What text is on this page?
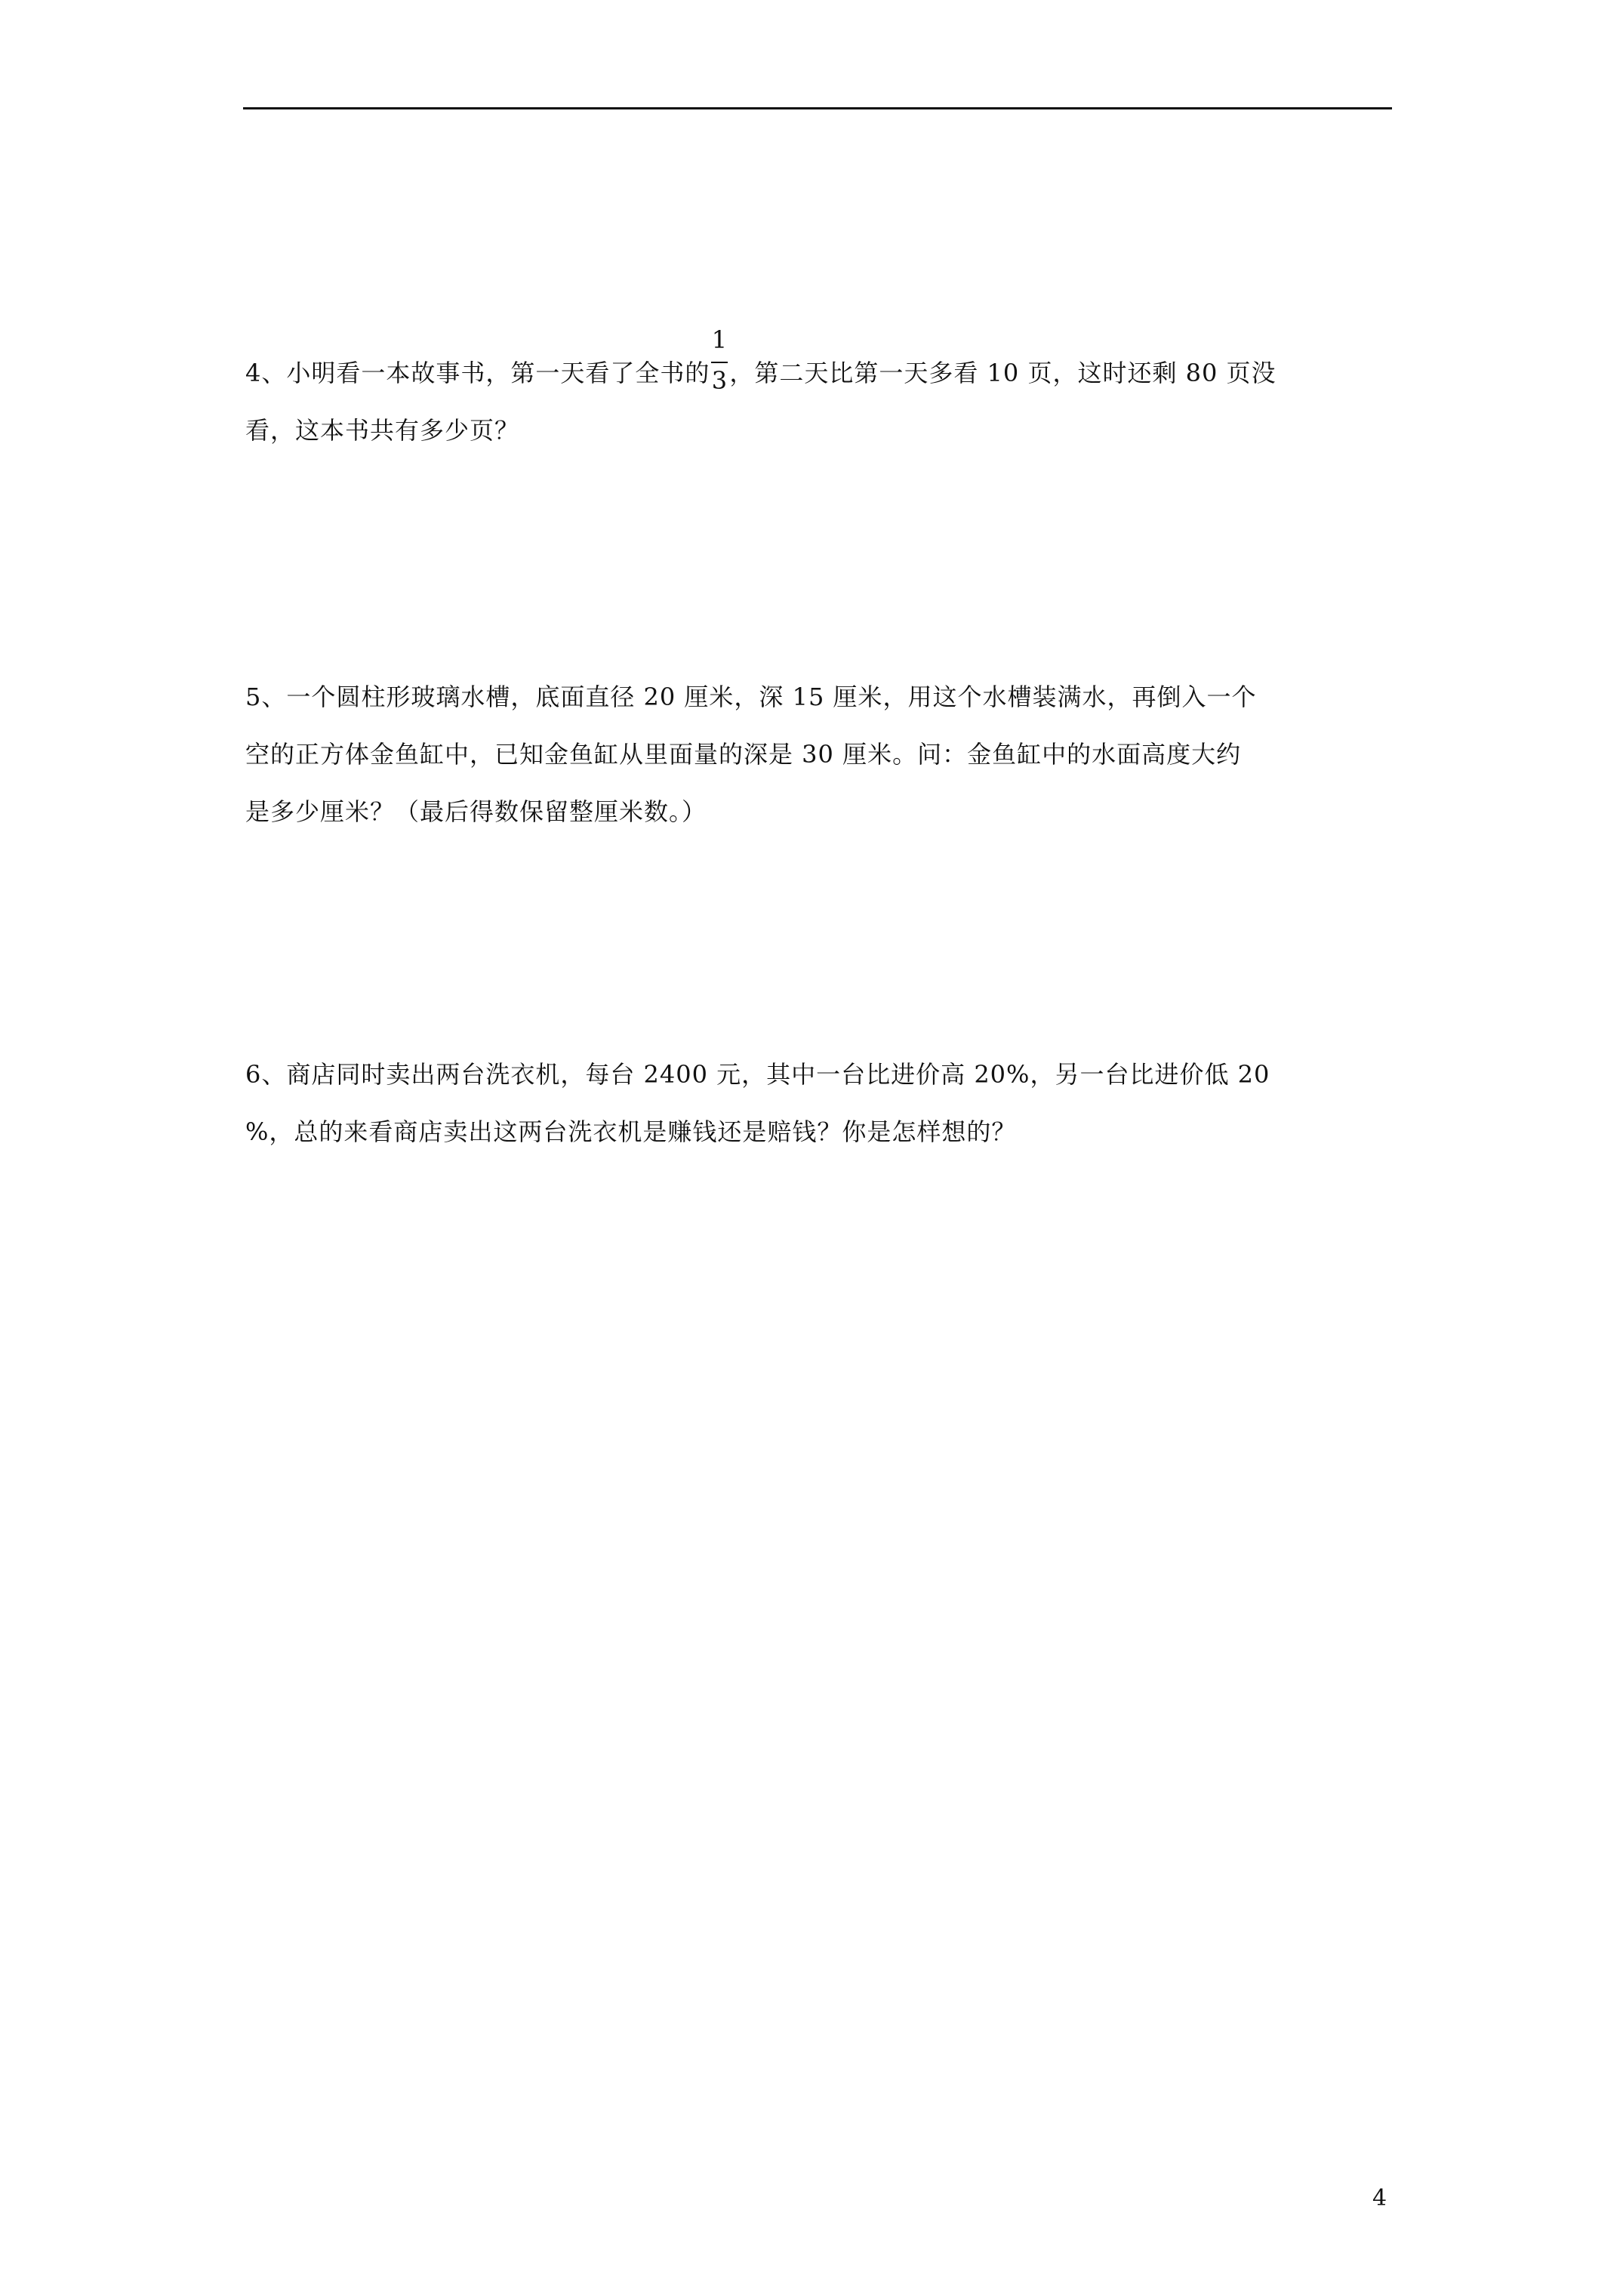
4、小明看一本故事书，第一天看了全书的 $\frac{1}{3}$ ，第二天比第一天多看 10 页，这时还剩 80 页没

看，这本书共有多少页？

5、一个圆柱形玻璃水槽，底面直径 20 厘米，深 15 厘米，用这个水槽装满水，再倒入一个

空的正方体金鱼缸中，已知金鱼缸从里面量的深是 30 厘米。问：金鱼缸中的水面高度大约

是多少厘米？（最后得数保留整厘米数。）

6、商店同时卖出两台洗衣机，每台 2400 元，其中一台比进价高 20%，另一台比进价低 20

%，总的来看商店卖出这两台洗衣机是赚钱还是赔钱？你是怎样想的？

4
